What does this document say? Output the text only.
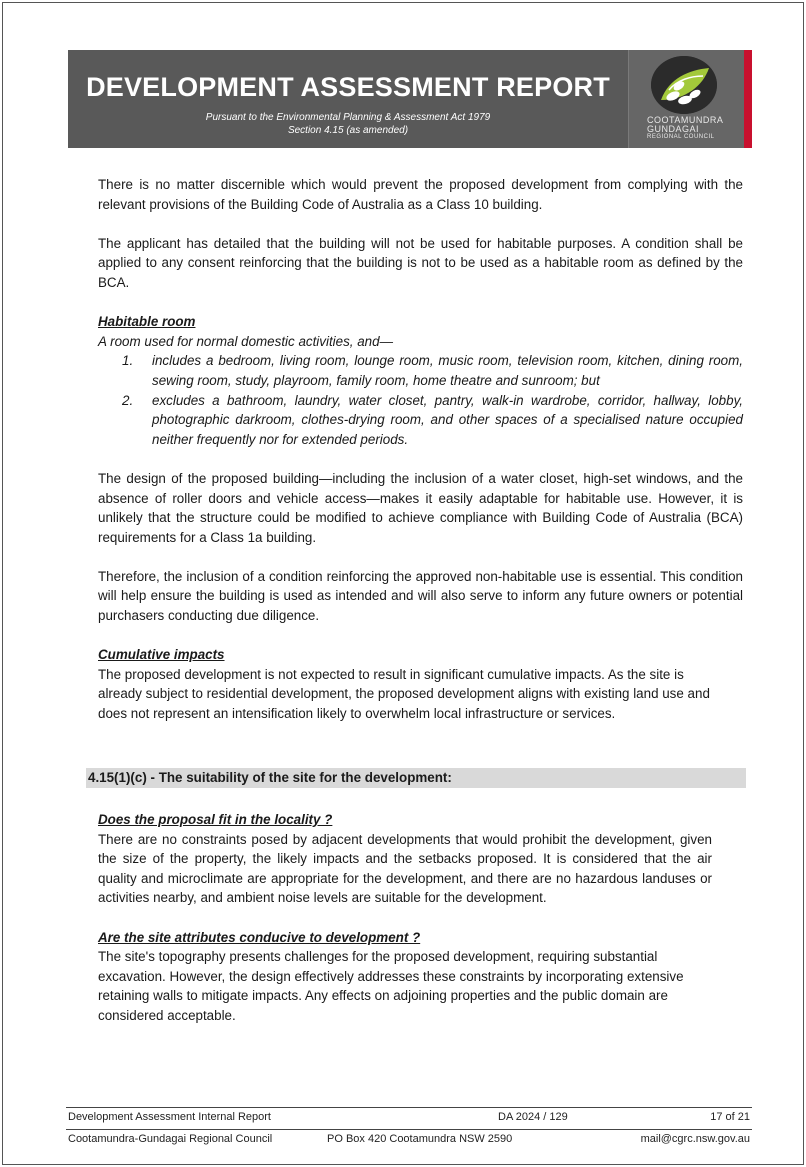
DEVELOPMENT ASSESSMENT REPORT
Pursuant to the Environmental Planning & Assessment Act 1979
Section 4.15 (as amended)
COOTAMUNDRA
GUNDAGAI
REGIONAL COUNCIL

There is no matter discernible which would prevent the proposed development from complying with the relevant provisions of the Building Code of Australia as a Class 10 building.

The applicant has detailed that the building will not be used for habitable purposes. A condition shall be applied to any consent reinforcing that the building is not to be used as a habitable room as defined by the BCA.

Habitable room

A room used for normal domestic activities, and—

1.	includes a bedroom, living room, lounge room, music room, television room, kitchen, dining room, sewing room, study, playroom, family room, home theatre and sunroom; but
2.	excludes a bathroom, laundry, water closet, pantry, walk-in wardrobe, corridor, hallway, lobby, photographic darkroom, clothes-drying room, and other spaces of a specialised nature occupied neither frequently nor for extended periods.

The design of the proposed building—including the inclusion of a water closet, high-set windows, and the absence of roller doors and vehicle access—makes it easily adaptable for habitable use. However, it is unlikely that the structure could be modified to achieve compliance with Building Code of Australia (BCA) requirements for a Class 1a building.

Therefore, the inclusion of a condition reinforcing the approved non-habitable use is essential. This condition will help ensure the building is used as intended and will also serve to inform any future owners or potential purchasers conducting due diligence.

Cumulative impacts

The proposed development is not expected to result in significant cumulative impacts. As the site is already subject to residential development, the proposed development aligns with existing land use and does not represent an intensification likely to overwhelm local infrastructure or services.

4.15(1)(c) - The suitability of the site for the development:

Does the proposal fit in the locality ?

There are no constraints posed by adjacent developments that would prohibit the development, given the size of the property, the likely impacts and the setbacks proposed. It is considered that the air quality and microclimate are appropriate for the development, and there are no hazardous landuses or activities nearby, and ambient noise levels are suitable for the development.

Are the site attributes conducive to development ?

The site's topography presents challenges for the proposed development, requiring substantial excavation. However, the design effectively addresses these constraints by incorporating extensive retaining walls to mitigate impacts. Any effects on adjoining properties and the public domain are considered acceptable.

Development Assessment Internal Report	DA 2024 / 129	17 of 21
Cootamundra-Gundagai Regional Council	PO Box 420 Cootamundra NSW 2590	mail@cgrc.nsw.gov.au
